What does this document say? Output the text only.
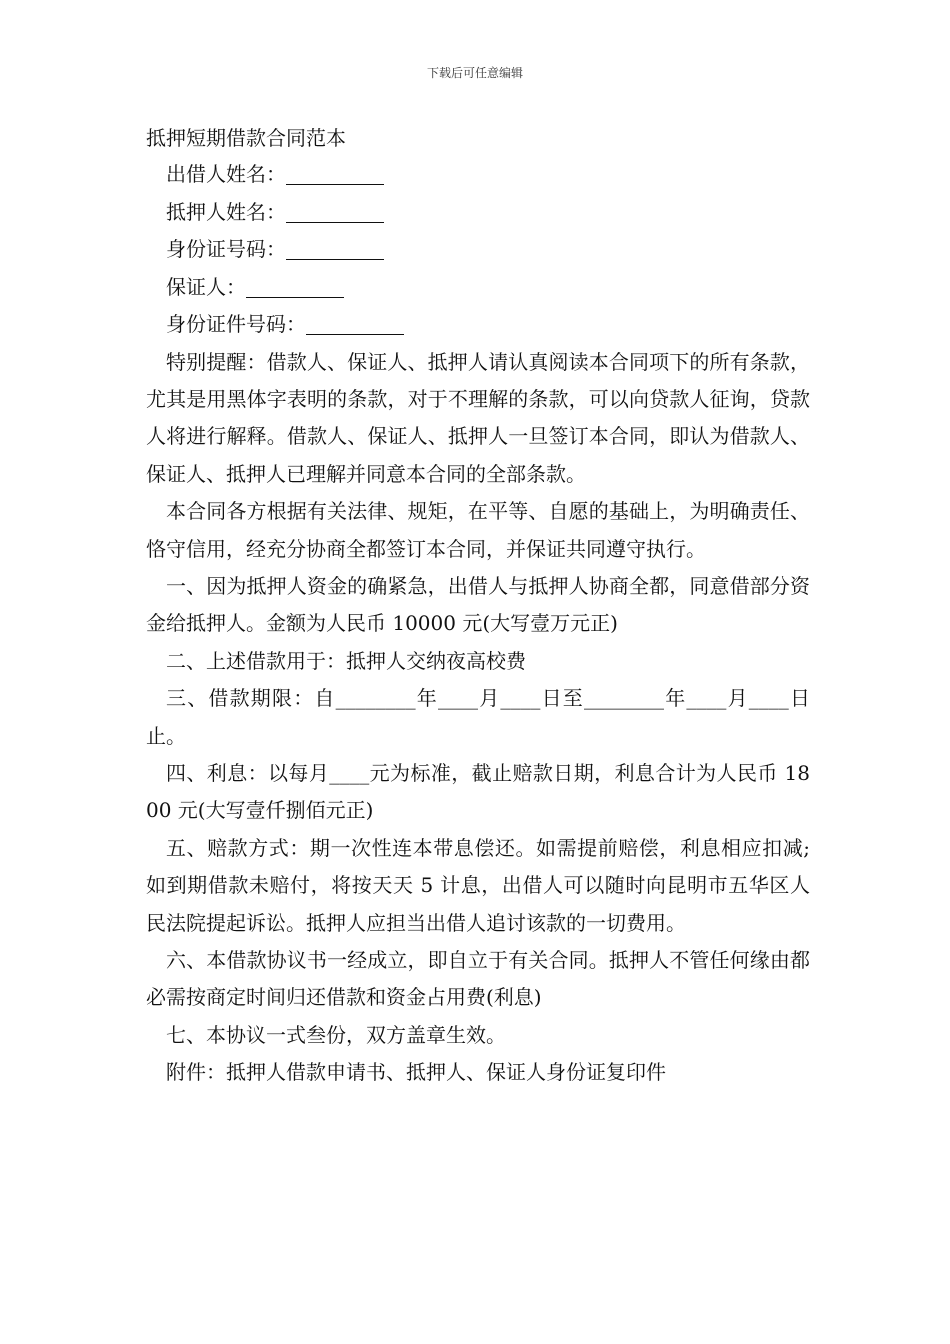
下载后可任意编辑
抵押短期借款合同范本
出借人姓名：
抵押人姓名：
身份证号码：
保证人：
身份证件号码：

特别提醒：借款人、保证人、抵押人请认真阅读本合同项下的所有条款，尤其是用黑体字表明的条款，对于不理解的条款，可以向贷款人征询，贷款人将进行解释。借款人、保证人、抵押人一旦签订本合同，即认为借款人、保证人、抵押人已理解并同意本合同的全部条款。

本合同各方根据有关法律、规矩，在平等、自愿的基础上，为明确责任、恪守信用，经充分协商全都签订本合同，并保证共同遵守执行。

一、因为抵押人资金的确紧急，出借人与抵押人协商全都，同意借部分资金给抵押人。金额为人民币 10000 元(大写壹万元正)

二、上述借款用于：抵押人交纳夜高校费

三、借款期限：自________年____月____日至________年____月____日止。

四、利息：以每月____元为标准，截止赔款日期，利息合计为人民币 1800 元(大写壹仟捌佰元正)

五、赔款方式：期一次性连本带息偿还。如需提前赔偿，利息相应扣减;如到期借款未赔付，将按天天 5 计息，出借人可以随时向昆明市五华区人民法院提起诉讼。抵押人应担当出借人追讨该款的一切费用。

六、本借款协议书一经成立，即自立于有关合同。抵押人不管任何缘由都必需按商定时间归还借款和资金占用费(利息)

七、本协议一式叁份，双方盖章生效。

附件：抵押人借款申请书、抵押人、保证人身份证复印件
